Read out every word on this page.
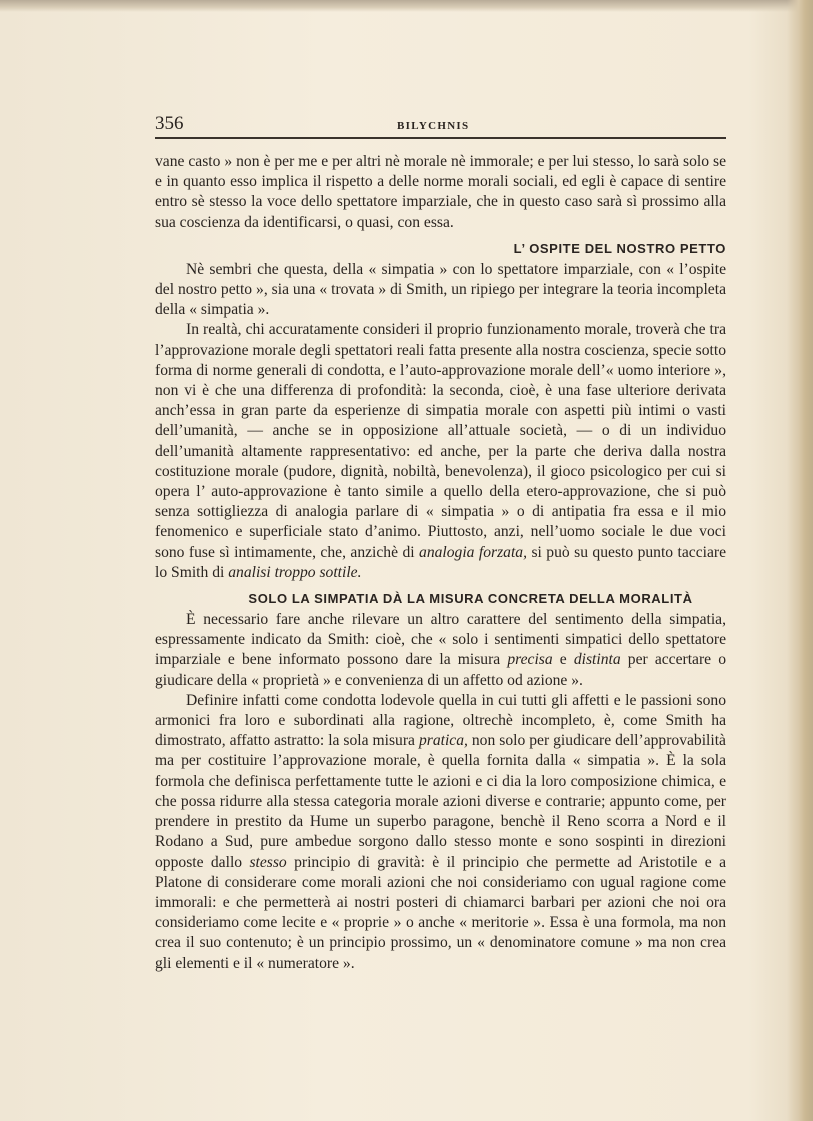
356	BILYCHNIS

vane casto » non è per me e per altri nè morale nè immorale; e per lui stesso, lo sarà solo se e in quanto esso implica il rispetto a delle norme morali sociali, ed egli è capace di sentire entro sè stesso la voce dello spettatore imparziale, che in questo caso sarà sì prossimo alla sua coscienza da identificarsi, o quasi, con essa.

L’ OSPITE DEL NOSTRO PETTO

Nè sembri che questa, della « simpatia » con lo spettatore imparziale, con « l’ospite del nostro petto », sia una « trovata » di Smith, un ripiego per integrare la teoria incompleta della « simpatia ».

In realtà, chi accuratamente consideri il proprio funzionamento morale, troverà che tra l’approvazione morale degli spettatori reali fatta presente alla nostra coscienza, specie sotto forma di norme generali di condotta, e l’auto-approvazione morale dell’« uomo interiore », non vi è che una differenza di profondità: la seconda, cioè, è una fase ulteriore derivata anch’essa in gran parte da esperienze di simpatia morale con aspetti più intimi o vasti dell’umanità, — anche se in opposizione all’attuale società, — o di un individuo dell’umanità altamente rappresentativo: ed anche, per la parte che deriva dalla nostra costituzione morale (pudore, dignità, nobiltà, benevolenza), il gioco psicologico per cui si opera l’ auto-approvazione è tanto simile a quello della etero-approvazione, che si può senza sottigliezza di analogia parlare di « simpatia » o di antipatia fra essa e il mio fenomenico e superficiale stato d’animo. Piuttosto, anzi, nell’uomo sociale le due voci sono fuse sì intimamente, che, anzichè di analogia forzata, si può su questo punto tacciare lo Smith di analisi troppo sottile.

SOLO LA SIMPATIA DÀ LA MISURA CONCRETA DELLA MORALITÀ

È necessario fare anche rilevare un altro carattere del sentimento della simpatia, espressamente indicato da Smith: cioè, che « solo i sentimenti simpatici dello spettatore imparziale e bene informato possono dare la misura precisa e distinta per accertare o giudicare della « proprietà » e convenienza di un affetto od azione ».

Definire infatti come condotta lodevole quella in cui tutti gli affetti e le passioni sono armonici fra loro e subordinati alla ragione, oltrechè incompleto, è, come Smith ha dimostrato, affatto astratto: la sola misura pratica, non solo per giudicare dell’approvabilità ma per costituire l’approvazione morale, è quella fornita dalla « simpatia ». È la sola formola che definisca perfettamente tutte le azioni e ci dia la loro composizione chimica, e che possa ridurre alla stessa categoria morale azioni diverse e contrarie; appunto come, per prendere in prestito da Hume un superbo paragone, benchè il Reno scorra a Nord e il Rodano a Sud, pure ambedue sorgono dallo stesso monte e sono sospinti in direzioni opposte dallo stesso principio di gravità: è il principio che permette ad Aristotile e a Platone di considerare come morali azioni che noi consideriamo con ugual ragione come immorali: e che permetterà ai nostri posteri di chiamarci barbari per azioni che noi ora consideriamo come lecite e « proprie » o anche « meritorie ». Essa è una formola, ma non crea il suo contenuto; è un principio prossimo, un « denominatore comune » ma non crea gli elementi e il « numeratore ».
